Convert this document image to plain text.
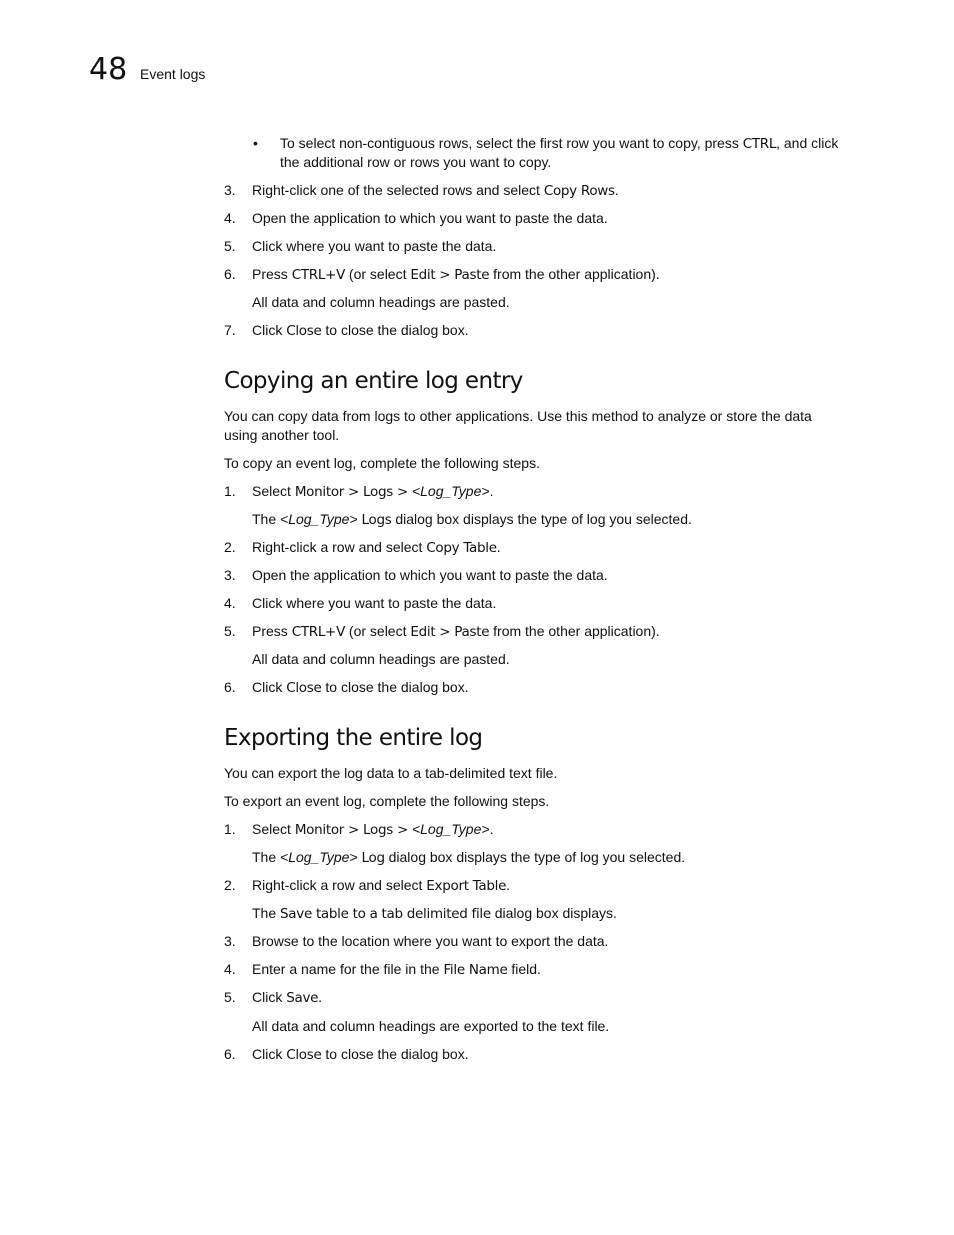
48 Event logs
• To select non-contiguous rows, select the first row you want to copy, press CTRL, and click
the additional row or rows you want to copy.
3. Right-click one of the selected rows and select Copy Rows.
4. Open the application to which you want to paste the data.
5. Click where you want to paste the data.
6. Press CTRL+V (or select Edit > Paste from the other application).
All data and column headings are pasted.
7. Click Close to close the dialog box.
Copying an entire log entry
You can copy data from logs to other applications. Use this method to analyze or store the data
using another tool.
To copy an event log, complete the following steps.
1. Select Monitor > Logs > <Log_Type>.
The <Log_Type> Logs dialog box displays the type of log you selected.
2. Right-click a row and select Copy Table.
3. Open the application to which you want to paste the data.
4. Click where you want to paste the data.
5. Press CTRL+V (or select Edit > Paste from the other application).
All data and column headings are pasted.
6. Click Close to close the dialog box.
Exporting the entire log
You can export the log data to a tab-delimited text file.
To export an event log, complete the following steps.
1. Select Monitor > Logs > <Log_Type>.
The <Log_Type> Log dialog box displays the type of log you selected.
2. Right-click a row and select Export Table.
The Save table to a tab delimited file dialog box displays.
3. Browse to the location where you want to export the data.
4. Enter a name for the file in the File Name field.
5. Click Save.
All data and column headings are exported to the text file.
6. Click Close to close the dialog box.
